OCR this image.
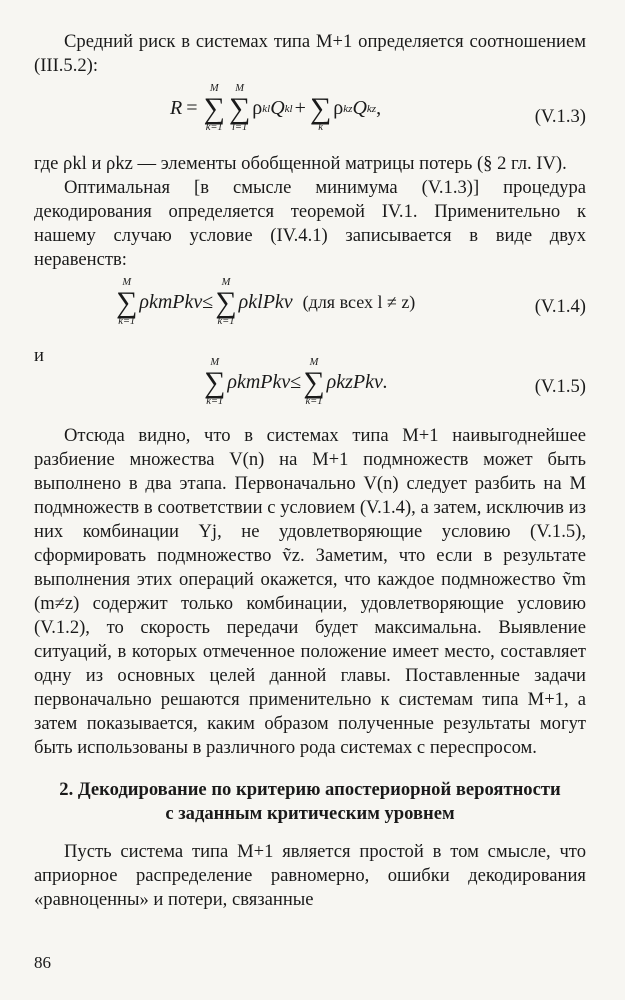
Средний риск в системах типа M+1 определяется соотношением (III.5.2):

R =
M
∑
k=1
M
∑
l=1
ρ kl Q kl +
∑
k
ρ kz Q kz ,	(V.1.3)

где ρkl и ρkz — элементы обобщенной матрицы потерь (§ 2 гл. IV).

Оптимальная [в смысле минимума (V.1.3)] процедура декодирования определяется теоремой IV.1. Применительно к нашему случаю условие (IV.4.1) записывается в виде двух неравенств:

M
∑
k=1
ρkmPkν ≤
M
∑
k=1
ρklPkν (для всех l ≠ z)	(V.1.4)

и	M
∑
k=1
ρkmPkν ≤
M
∑
k=1
ρkzPkν.	(V.1.5)

Отсюда видно, что в системах типа M+1 наивыгоднейшее разбиение множества V(n) на M+1 подмножеств может быть выполнено в два этапа. Первоначально V(n) следует разбить на M подмножеств в соответствии с условием (V.1.4), а затем, исключив из них комбинации Yj, не удовлетворяющие условию (V.1.5), сформировать подмножество ṽz. Заметим, что если в результате выполнения этих операций окажется, что каждое подмножество ṽm (m≠z) содержит только комбинации, удовлетворяющие условию (V.1.2), то скорость передачи будет максимальна. Выявление ситуаций, в которых отмеченное положение имеет место, составляет одну из основных целей данной главы. Поставленные задачи первоначально решаются применительно к системам типа M+1, а затем показывается, каким образом полученные результаты могут быть использованы в различного рода системах с переспросом.

2. Декодирование по критерию апостериорной вероятности
с заданным критическим уровнем

Пусть система типа M+1 является простой в том смысле, что априорное распределение равномерно, ошибки декодирования «равноценны» и потери, связанные

86
